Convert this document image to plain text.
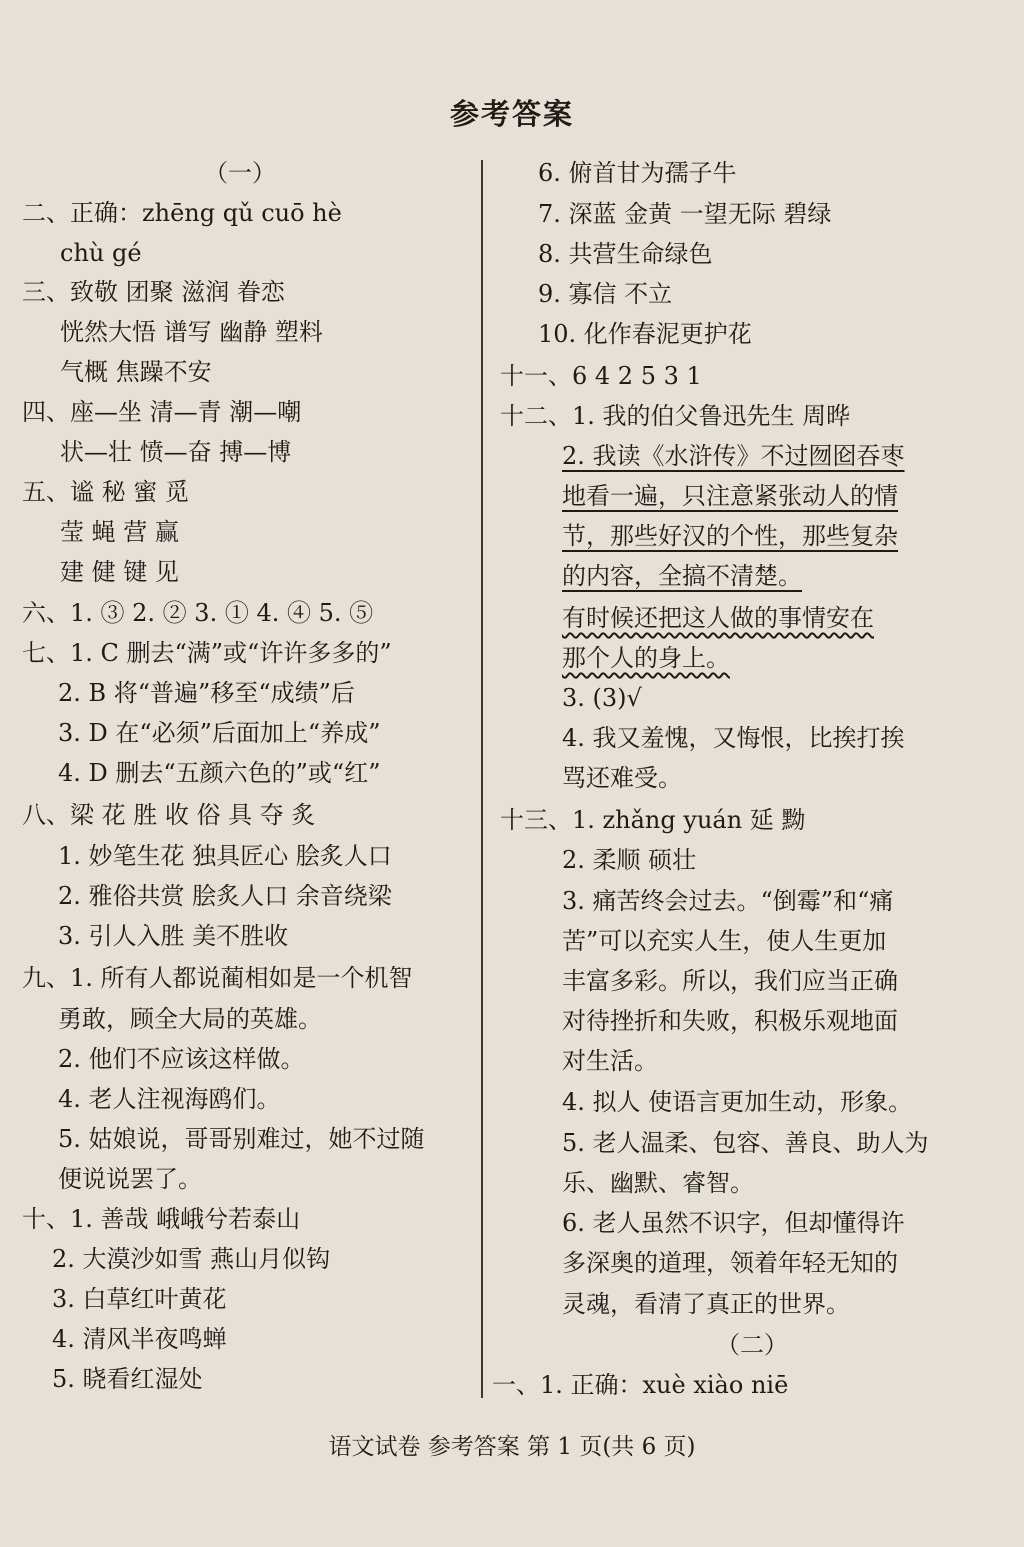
参考答案
（一）
二、正确：zhēng qǔ cuō hè
chù gé
三、致敬 团聚 滋润 眷恋
恍然大悟 谱写 幽静 塑料
气概 焦躁不安
四、座—坐 清—青 潮—嘲
状—壮 愤—奋 搏—博
五、谧 秘 蜜 觅
莹 蝇 营 赢
建 健 键 见
六、1. ③ 2. ② 3. ① 4. ④ 5. ⑤
七、1. C 删去“满”或“许许多多的”
2. B 将“普遍”移至“成绩”后
3. D 在“必须”后面加上“养成”
4. D 删去“五颜六色的”或“红”
八、梁 花 胜 收 俗 具 夺 炙
1. 妙笔生花 独具匠心 脍炙人口
2. 雅俗共赏 脍炙人口 余音绕梁
3. 引人入胜 美不胜收
九、1. 所有人都说蔺相如是一个机智
勇敢，顾全大局的英雄。
2. 他们不应该这样做。
4. 老人注视海鸥们。
5. 姑娘说，哥哥别难过，她不过随
便说说罢了。
十、1. 善哉 峨峨兮若泰山
2. 大漠沙如雪 燕山月似钩
3. 白草红叶黄花
4. 清风半夜鸣蝉
5. 晓看红湿处
6. 俯首甘为孺子牛
7. 深蓝 金黄 一望无际 碧绿
8. 共营生命绿色
9. 寡信 不立
10. 化作春泥更护花
十一、6 4 2 5 3 1
十二、1. 我的伯父鲁迅先生 周晔
2. 我读《水浒传》不过囫囵吞枣
地看一遍，只注意紧张动人的情
节，那些好汉的个性，那些复杂
的内容，全搞不清楚。
有时候还把这人做的事情安在
那个人的身上。
3. (3)√
4. 我又羞愧，又悔恨，比挨打挨
骂还难受。
十三、1. zhǎng yuán 延 黝
2. 柔顺 硕壮
3. 痛苦终会过去。“倒霉”和“痛
苦”可以充实人生，使人生更加
丰富多彩。所以，我们应当正确
对待挫折和失败，积极乐观地面
对生活。
4. 拟人 使语言更加生动，形象。
5. 老人温柔、包容、善良、助人为
乐、幽默、睿智。
6. 老人虽然不识字，但却懂得许
多深奥的道理，领着年轻无知的
灵魂，看清了真正的世界。
（二）
一、1. 正确：xuè xiào niē
语文试卷 参考答案 第 1 页(共 6 页)
